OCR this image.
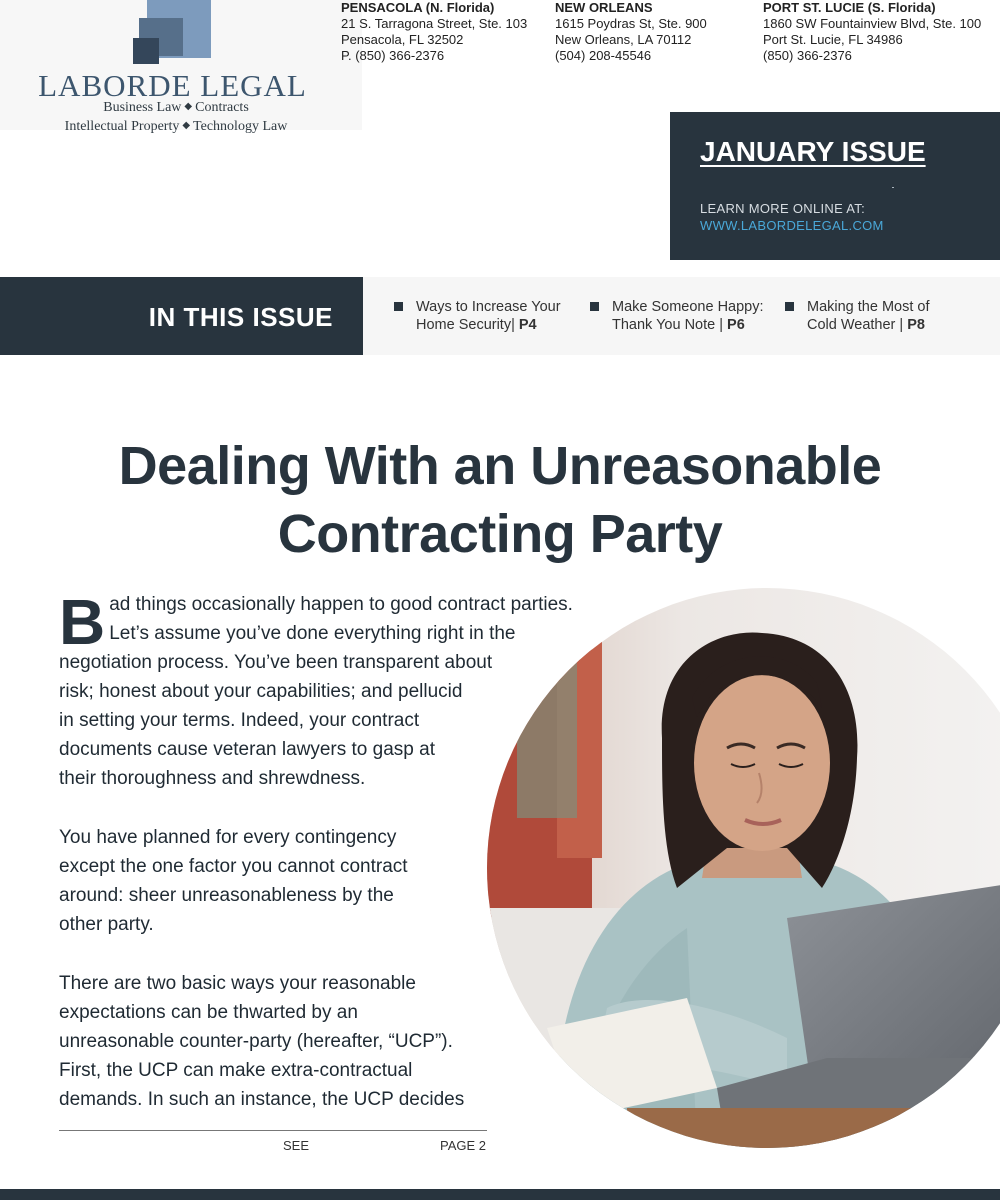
LABORDE LEGAL
Business Law ◆ Contracts
Intellectual Property ◆ Technology Law
PENSACOLA (N. Florida)
21 S. Tarragona Street, Ste. 103
Pensacola, FL 32502
P. (850) 366-2376
NEW ORLEANS
1615 Poydras St, Ste. 900
New Orleans, LA 70112
(504) 208-45546
PORT ST. LUCIE (S. Florida)
1860 SW Fountainview Blvd, Ste. 100
Port St. Lucie, FL 34986
(850) 366-2376
JANUARY ISSUE
LEARN MORE ONLINE AT:
WWW.LABORDELEGAL.COM
IN THIS ISSUE	Ways to Increase Your
Home Security| P4
Make Someone Happy:
Thank You Note | P6
Making the Most of
Cold Weather | P8
Dealing With an Unreasonable
Contracting Party
B ad things occasionally happen to good contract parties.
Let’s assume you’ve done everything right in the
negotiation process. You’ve been transparent about
risk; honest about your capabilities; and pellucid
in setting your terms. Indeed, your contract
documents cause veteran lawyers to gasp at
their thoroughness and shrewdness.
You have planned for every contingency
except the one factor you cannot contract
around: sheer unreasonableness by the
other party.
There are two basic ways your reasonable
expectations can be thwarted by an
unreasonable counter-party (hereafter, “UCP”).
First, the UCP can make extra-contractual
demands. In such an instance, the UCP decides
SEE	PAGE 2
